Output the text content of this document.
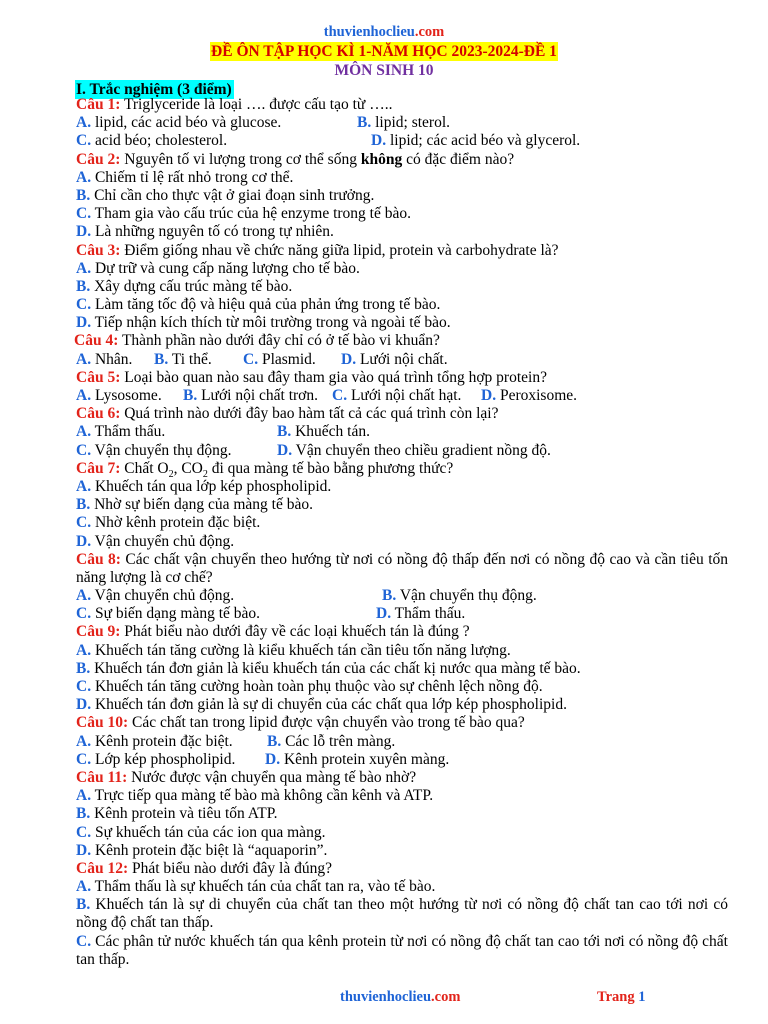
thuvienhoclieu.com
ĐỀ ÔN TẬP HỌC KÌ 1-NĂM HỌC 2023-2024-ĐỀ 1
MÔN SINH 10
I. Trắc nghiệm (3 điểm)
Câu 1: Triglyceride là loại …. được cấu tạo từ …..
A. lipid, các acid béo và glucose.	B. lipid; sterol.
C. acid béo; cholesterol.	D. lipid; các acid béo và glycerol.
Câu 2: Nguyên tố vi lượng trong cơ thể sống không có đặc điểm nào?
A. Chiếm tỉ lệ rất nhỏ trong cơ thể.
B. Chỉ cần cho thực vật ở giai đoạn sinh trưởng.
C. Tham gia vào cấu trúc của hệ enzyme trong tế bào.
D. Là những nguyên tố có trong tự nhiên.
Câu 3: Điểm giống nhau về chức năng giữa lipid, protein và carbohydrate là?
A. Dự trữ và cung cấp năng lượng cho tế bào.
B. Xây dựng cấu trúc màng tế bào.
C. Làm tăng tốc độ và hiệu quả của phản ứng trong tế bào.
D. Tiếp nhận kích thích từ môi trường trong và ngoài tế bào.
Câu 4: Thành phần nào dưới đây chỉ có ở tế bào vi khuẩn?
A. Nhân. B. Ti thể. C. Plasmid. D. Lưới nội chất.
Câu 5: Loại bào quan nào sau đây tham gia vào quá trình tổng hợp protein?
A. Lysosome. B. Lưới nội chất trơn. C. Lưới nội chất hạt. D. Peroxisome.
Câu 6: Quá trình nào dưới đây bao hàm tất cả các quá trình còn lại?
A. Thẩm thấu.	B. Khuếch tán.
C. Vận chuyển thụ động.	D. Vận chuyển theo chiều gradient nồng độ.
Câu 7: Chất $O_2$, $CO_2$ đi qua màng tế bào bằng phương thức?
A. Khuếch tán qua lớp kép phospholipid.
B. Nhờ sự biến dạng của màng tế bào.
C. Nhờ kênh protein đặc biệt.
D. Vận chuyển chủ động.
Câu 8: Các chất vận chuyển theo hướng từ nơi có nồng độ thấp đến nơi có nồng độ cao và cần tiêu tốn năng lượng là cơ chế?
A. Vận chuyển chủ động.	B. Vận chuyển thụ động.
C. Sự biến dạng màng tế bào.	D. Thẩm thấu.
Câu 9: Phát biểu nào dưới đây về các loại khuếch tán là đúng ?
A. Khuếch tán tăng cường là kiểu khuếch tán cần tiêu tốn năng lượng.
B. Khuếch tán đơn giản là kiểu khuếch tán của các chất kị nước qua màng tế bào.
C. Khuếch tán tăng cường hoàn toàn phụ thuộc vào sự chênh lệch nồng độ.
D. Khuếch tán đơn giản là sự di chuyển của các chất qua lớp kép phospholipid.
Câu 10: Các chất tan trong lipid được vận chuyển vào trong tế bào qua?
A. Kênh protein đặc biệt. B. Các lỗ trên màng.
C. Lớp kép phospholipid. D. Kênh protein xuyên màng.
Câu 11: Nước được vận chuyển qua màng tế bào nhờ?
A. Trực tiếp qua màng tế bào mà không cần kênh và ATP.
B. Kênh protein và tiêu tốn ATP.
C. Sự khuếch tán của các ion qua màng.
D. Kênh protein đặc biệt là “aquaporin”.
Câu 12: Phát biểu nào dưới đây là đúng?
A. Thẩm thấu là sự khuếch tán của chất tan ra, vào tế bào.
B. Khuếch tán là sự di chuyển của chất tan theo một hướng từ nơi có nồng độ chất tan cao tới nơi có nồng độ chất tan thấp.
C. Các phân tử nước khuếch tán qua kênh protein từ nơi có nồng độ chất tan cao tới nơi có nồng độ chất tan thấp.
thuvienhoclieu.com	Trang 1
